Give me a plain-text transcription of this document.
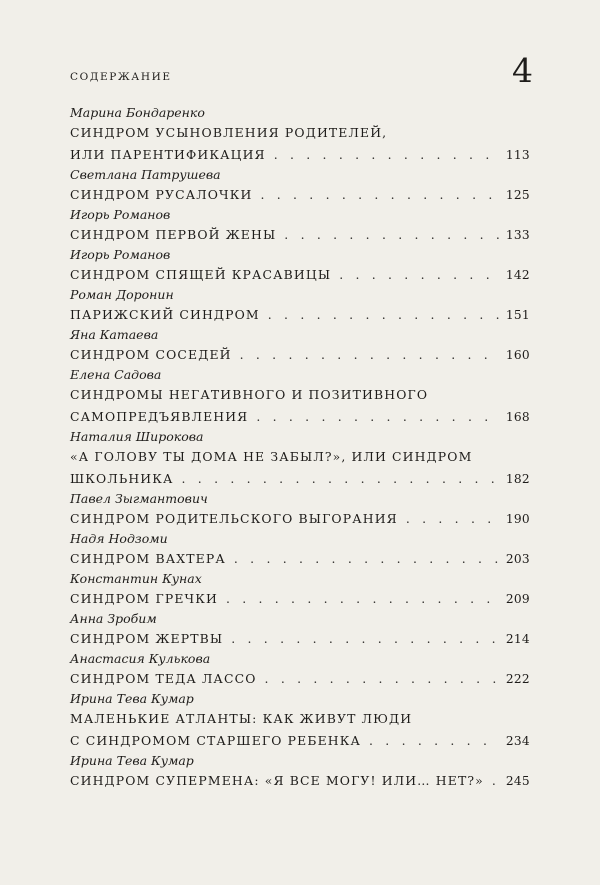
СОДЕРЖАНИЕ	4
Марина Бондаренко
СИНДРОМ УСЫНОВЛЕНИЯ РОДИТЕЛЕЙ,
ИЛИ ПАРЕНТИФИКАЦИЯ . . .	113
Светлана Патрушева
СИНДРОМ РУСАЛОЧКИ . . .	125
Игорь Романов
СИНДРОМ ПЕРВОЙ ЖЕНЫ . . .	133
Игорь Романов
СИНДРОМ СПЯЩЕЙ КРАСАВИЦЫ . . .	142
Роман Доронин
ПАРИЖСКИЙ СИНДРОМ . . .	151
Яна Катаева
СИНДРОМ СОСЕДЕЙ . . .	160
Елена Садова
СИНДРОМЫ НЕГАТИВНОГО И ПОЗИТИВНОГО
САМОПРЕДЪЯВЛЕНИЯ . . .	168
Наталия Широкова
«А ГОЛОВУ ТЫ ДОМА НЕ ЗАБЫЛ?», ИЛИ СИНДРОМ
ШКОЛЬНИКА . . .	182
Павел Зыгмантович
СИНДРОМ РОДИТЕЛЬСКОГО ВЫГОРАНИЯ . . .	190
Надя Нодзоми
СИНДРОМ ВАХТЕРА . . .	203
Константин Кунах
СИНДРОМ ГРЕЧКИ . . .	209
Анна Зробим
СИНДРОМ ЖЕРТВЫ . . .	214
Анастасия Кулькова
СИНДРОМ ТЕДА ЛАССО . . .	222
Ирина Тева Кумар
МАЛЕНЬКИЕ АТЛАНТЫ: КАК ЖИВУТ ЛЮДИ
С СИНДРОМОМ СТАРШЕГО РЕБЕНКА . . .	234
Ирина Тева Кумар
СИНДРОМ СУПЕРМЕНА: «Я ВСЕ МОГУ! ИЛИ… НЕТ?» . . . 245
